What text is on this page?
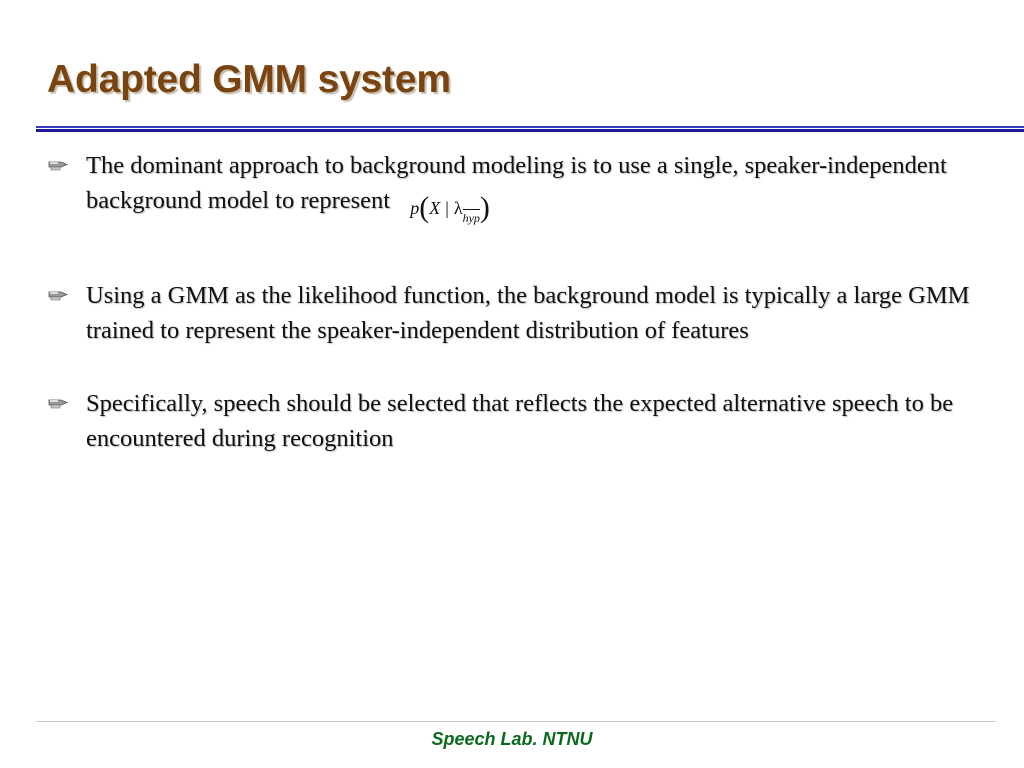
Adapted GMM system
The dominant approach to background modeling is to use a single, speaker-independent background model to represent p(X | λ
$_{hyp}$)
Using a GMM as the likelihood function, the background model is typically a large GMM trained to represent the speaker-independent distribution of features
Specifically, speech should be selected that reflects the expected alternative speech to be encountered during recognition
Speech Lab. NTNU
